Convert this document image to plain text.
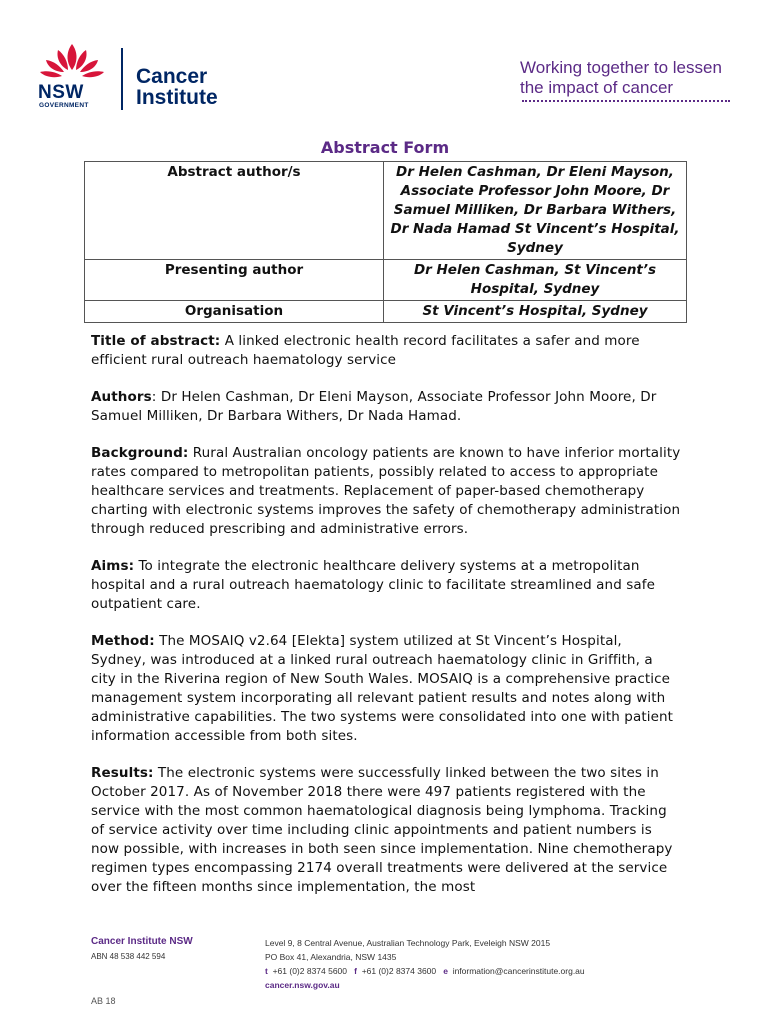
NSW
GOVERNMENT
Cancer
Institute
Working together to lessen
the impact of cancer
Abstract Form
Abstract author/s	Dr Helen Cashman, Dr Eleni Mayson, Associate Professor John Moore, Dr Samuel Milliken, Dr Barbara Withers, Dr Nada Hamad St Vincent’s Hospital, Sydney
Presenting author	Dr Helen Cashman, St Vincent’s Hospital, Sydney
Organisation	St Vincent’s Hospital, Sydney

Title of abstract: A linked electronic health record facilitates a safer and more efficient rural outreach haematology service

Authors: Dr Helen Cashman, Dr Eleni Mayson, Associate Professor John Moore, Dr Samuel Milliken, Dr Barbara Withers, Dr Nada Hamad.

Background: Rural Australian oncology patients are known to have inferior mortality rates compared to metropolitan patients, possibly related to access to appropriate healthcare services and treatments. Replacement of paper-based chemotherapy charting with electronic systems improves the safety of chemotherapy administration through reduced prescribing and administrative errors.

Aims: To integrate the electronic healthcare delivery systems at a metropolitan hospital and a rural outreach haematology clinic to facilitate streamlined and safe outpatient care.

Method: The MOSAIQ v2.64 [Elekta] system utilized at St Vincent’s Hospital, Sydney, was introduced at a linked rural outreach haematology clinic in Griffith, a city in the Riverina region of New South Wales. MOSAIQ is a comprehensive practice management system incorporating all relevant patient results and notes along with administrative capabilities. The two systems were consolidated into one with patient information accessible from both sites.

Results: The electronic systems were successfully linked between the two sites in October 2017. As of November 2018 there were 497 patients registered with the service with the most common haematological diagnosis being lymphoma. Tracking of service activity over time including clinic appointments and patient numbers is now possible, with increases in both seen since implementation. Nine chemotherapy regimen types encompassing 2174 overall treatments were delivered at the service over the fifteen months since implementation, the most

Cancer Institute NSW
ABN 48 538 442 594
Level 9, 8 Central Avenue, Australian Technology Park, Eveleigh NSW 2015
PO Box 41, Alexandria, NSW 1435
t +61 (0)2 8374 5600 f +61 (0)2 8374 3600 e information@cancerinstitute.org.au
cancer.nsw.gov.au
AB 18
